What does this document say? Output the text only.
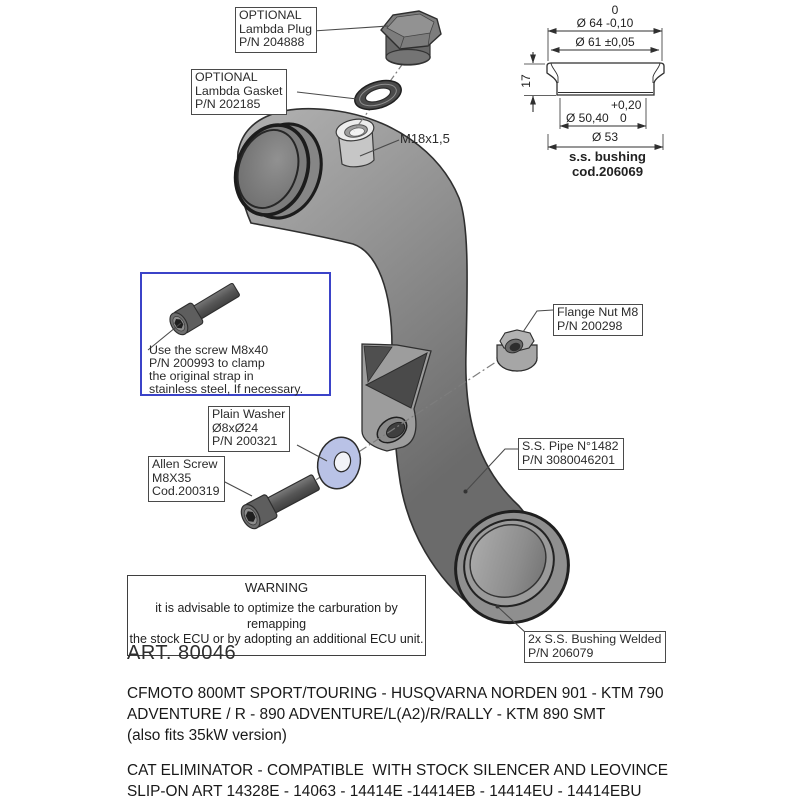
OPTIONAL
Lambda Plug
P/N 204888
OPTIONAL
Lambda Gasket
P/N 202185
M18x1,5
Flange Nut M8
P/N 200298
S.S. Pipe N°1482
P/N 3080046201
Plain Washer
Ø8xØ24
P/N 200321
Allen Screw
M8X35
Cod.200319
2x S.S. Bushing Welded
P/N 206079
Use the screw M8x40
P/N 200993 to clamp
the original strap in
stainless steel, If necessary.
0
Ø 64 -0,10
Ø 61 ±0,05
17
+0,20
Ø 50,40 0
Ø 53
s.s. bushing
cod.206069
WARNING
it is advisable to optimize the carburation by remapping
the stock ECU or by adopting an additional ECU unit.
ART. 80046
CFMOTO 800MT SPORT/TOURING - HUSQVARNA NORDEN 901 - KTM 790
ADVENTURE / R - 890 ADVENTURE/L(A2)/R/RALLY - KTM 890 SMT
(also fits 35kW version)
CAT ELIMINATOR - COMPATIBLE  WITH STOCK SILENCER AND LEOVINCE
SLIP-ON ART 14328E - 14063 - 14414E -14414EB - 14414EU - 14414EBU
